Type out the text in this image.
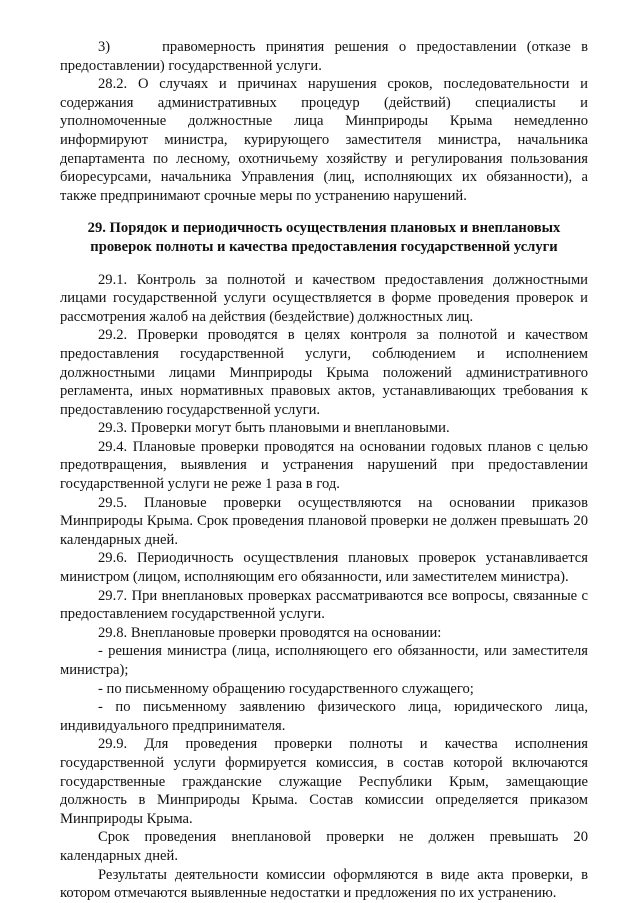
3)     правомерность принятия решения о предоставлении (отказе в предоставлении) государственной услуги.

28.2. О случаях и причинах нарушения сроков, последовательности и содержания административных процедур (действий) специалисты и уполномоченные должностные лица Минприроды Крыма немедленно информируют министра, курирующего заместителя министра, начальника департамента по лесному, охотничьему хозяйству и регулирования пользования биоресурсами, начальника Управления (лиц, исполняющих их обязанности), а также предпринимают срочные меры по устранению нарушений.

29. Порядок и периодичность осуществления плановых и внеплановых проверок полноты и качества предоставления государственной услуги

29.1. Контроль за полнотой и качеством предоставления должностными лицами государственной услуги осуществляется в форме проведения проверок и рассмотрения жалоб на действия (бездействие) должностных лиц.

29.2. Проверки проводятся в целях контроля за полнотой и качеством предоставления государственной услуги, соблюдением и исполнением должностными лицами Минприроды Крыма положений административного регламента, иных нормативных правовых актов, устанавливающих требования к предоставлению государственной услуги.

29.3. Проверки могут быть плановыми и внеплановыми.

29.4. Плановые проверки проводятся на основании годовых планов с целью предотвращения, выявления и устранения нарушений при предоставлении государственной услуги не реже 1 раза в год.

29.5. Плановые проверки осуществляются на основании приказов Минприроды Крыма. Срок проведения плановой проверки не должен превышать 20 календарных дней.

29.6. Периодичность осуществления плановых проверок устанавливается министром (лицом, исполняющим его обязанности, или заместителем министра).

29.7. При внеплановых проверках рассматриваются все вопросы, связанные с предоставлением государственной услуги.

29.8. Внеплановые проверки проводятся на основании:

- решения министра (лица, исполняющего его обязанности, или заместителя министра);

- по письменному обращению государственного служащего;

- по письменному заявлению физического лица, юридического лица, индивидуального предпринимателя.

29.9. Для проведения проверки полноты и качества исполнения государственной услуги формируется комиссия, в состав которой включаются государственные гражданские служащие Республики Крым, замещающие должность в Минприроды Крыма. Состав комиссии определяется приказом Минприроды Крыма.

Срок проведения внеплановой проверки не должен превышать 20 календарных дней.

Результаты деятельности комиссии оформляются в виде акта проверки, в котором отмечаются выявленные недостатки и предложения по их устранению.
